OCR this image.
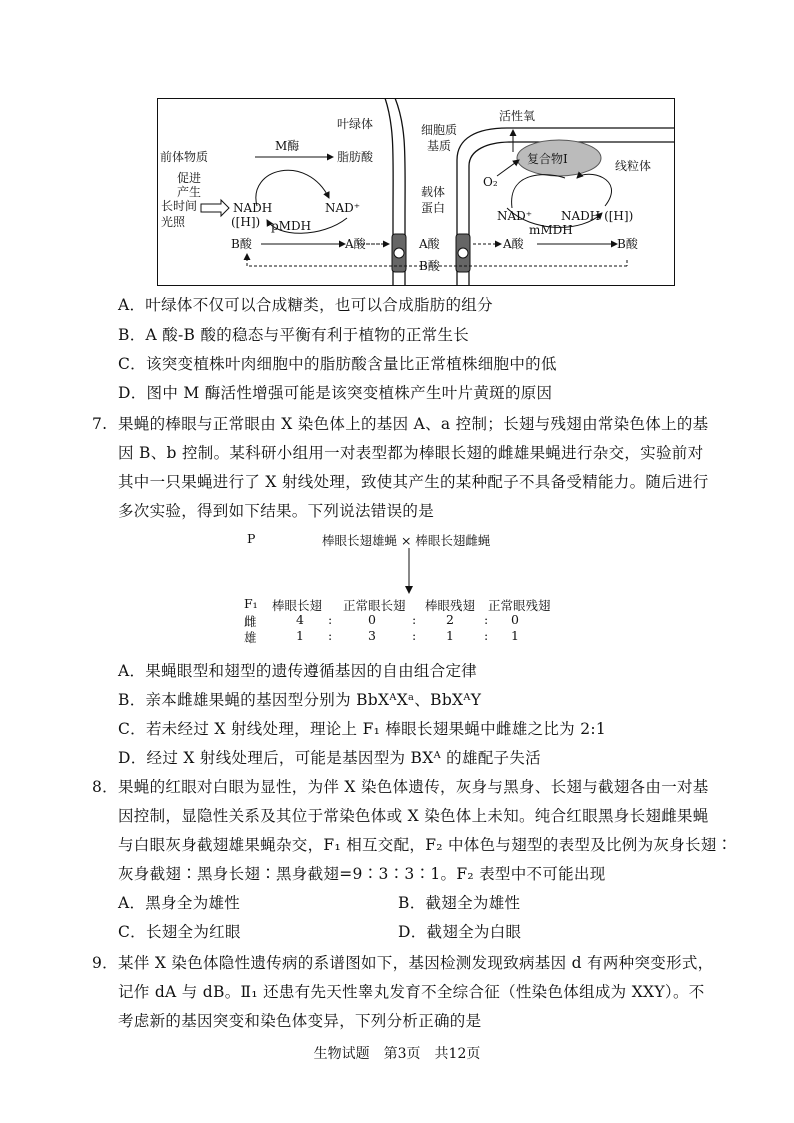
叶绿体	细胞质
基质
活性氧
复合物Ⅰ	线粒体
前体物质
M酶
脂肪酸
促进
产生
长时间
光照
NADH
([H])
NAD⁺
pMDH
B酸	A酸
载体
蛋白
A酸
B酸
O₂
NAD⁺ NADH ([H])
mMDH
A酸	B酸
A．叶绿体不仅可以合成糖类，也可以合成脂肪的组分
B．A 酸-B 酸的稳态与平衡有利于植物的正常生长
C．该突变植株叶肉细胞中的脂肪酸含量比正常植株细胞中的低
D．图中 M 酶活性增强可能是该突变植株产生叶片黄斑的原因
7. 果蝇的棒眼与正常眼由 X 染色体上的基因 A、a 控制；长翅与残翅由常染色体上的基
因 B、b 控制。某科研小组用一对表型都为棒眼长翅的雌雄果蝇进行杂交，实验前对
其中一只果蝇进行了 X 射线处理，致使其产生的某种配子不具备受精能力。随后进行
多次实验，得到如下结果。下列说法错误的是
P	棒眼长翅雄蝇 × 棒眼长翅雌蝇
F₁ 棒眼长翅 正常眼长翅 棒眼残翅 正常眼残翅
雌	4 :	0	: 2 : 0
雄	1 :	3	: 1 : 1
A．果蝇眼型和翅型的遗传遵循基因的自由组合定律
B．亲本雌雄果蝇的基因型分别为 BbXᴬXᵃ、BbXᴬY
C．若未经过 X 射线处理，理论上 F₁ 棒眼长翅果蝇中雌雄之比为 2:1
D．经过 X 射线处理后，可能是基因型为 BXᴬ 的雄配子失活
8． 果蝇的红眼对白眼为显性，为伴 X 染色体遗传，灰身与黑身、长翅与截翅各由一对基
因控制，显隐性关系及其位于常染色体或 X 染色体上未知。纯合红眼黑身长翅雌果蝇
与白眼灰身截翅雄果蝇杂交，F₁ 相互交配，F₂ 中体色与翅型的表型及比例为灰身长翅∶
灰身截翅∶黑身长翅∶黑身截翅=9∶3∶3∶1。F₂ 表型中不可能出现
A．黑身全为雄性	B．截翅全为雄性
C．长翅全为红眼	D．截翅全为白眼
9． 某伴 X 染色体隐性遗传病的系谱图如下，基因检测发现致病基因 d 有两种突变形式，
记作 dA 与 dB。Ⅱ₁ 还患有先天性睾丸发育不全综合征（性染色体组成为 XXY）。不
考虑新的基因突变和染色体变异，下列分析正确的是
生物试题　第3页　共12页
